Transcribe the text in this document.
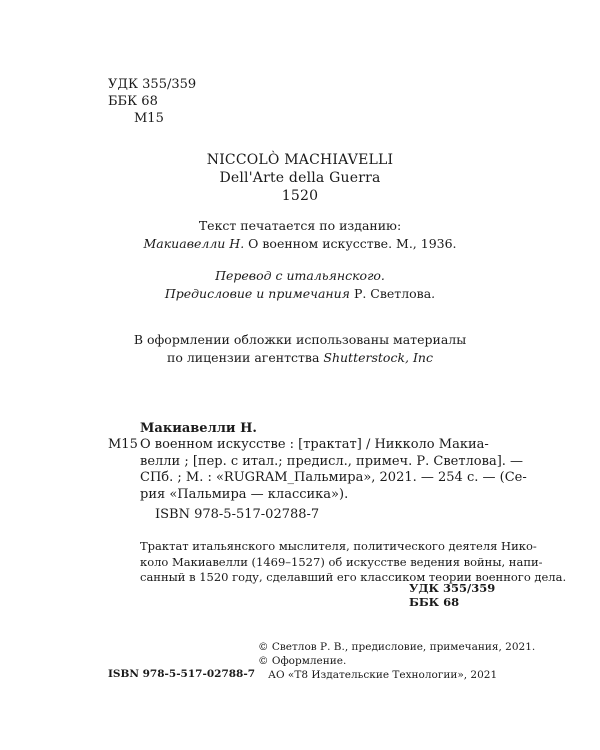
УДК 355/359
ББК 68
М15
NICCOLÒ MACHIAVELLI
Dell'Arte della Guerra
1520
Текст печатается по изданию:
Макиавелли Н. О военном искусстве. М., 1936.
Перевод с итальянского.
Предисловие и примечания Р. Светлова.
В оформлении обложки использованы материалы
по лицензии агентства Shutterstock, Inc
Макиавелли Н.
М15 О военном искусстве : [трактат] / Никколо Макиа-
велли ; [пер. с итал.; предисл., примеч. Р. Светлова]. —
СПб. ; М. : «RUGRAM_Пальмира», 2021. — 254 с. — (Се-
рия «Пальмира — классика»).
ISBN 978-5-517-02788-7
Трактат итальянского мыслителя, политического деятеля Нико-
коло Макиавелли (1469–1527) об искусстве ведения войны, напи-
санный в 1520 году, сделавший его классиком теории военного дела.
УДК 355/359
ББК 68
© Светлов Р. В., предисловие, примечания, 2021.
© Оформление.
АО «Т8 Издательские Технологии», 2021
ISBN 978-5-517-02788-7
